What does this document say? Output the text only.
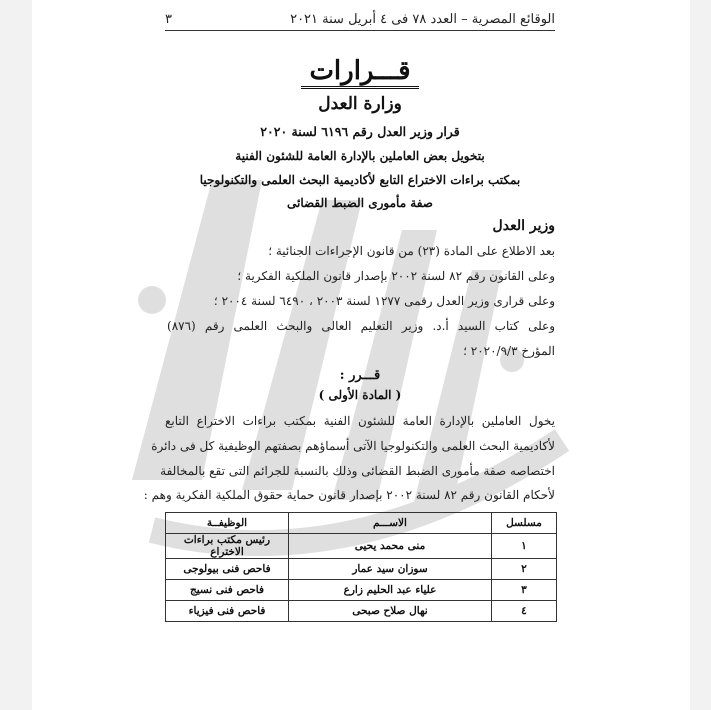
الوقائع المصرية – العدد ٧٨ فى ٤ أبريل سنة ٢٠٢١
٣
قـــرارات
وزارة العدل
قرار وزير العدل رقم ٦١٩٦ لسنة ٢٠٢٠
بتخويل بعض العاملين بالإدارة العامة للشئون الفنية
بمكتب براءات الاختراع التابع لأكاديمية البحث العلمى والتكنولوجيا
صفة مأمورى الضبط القضائى
وزير العدل
بعد الاطلاع على المادة (٢٣) من قانون الإجراءات الجنائية ؛
وعلى القانون رقم ٨٢ لسنة ٢٠٠٢ بإصدار قانون الملكية الفكرية ؛
وعلى قرارى وزير العدل رقمى ١٢٧٧ لسنة ٢٠٠٣ ، ٦٤٩٠ لسنة ٢٠٠٤ ؛
وعلى كتاب السيد أ.د. وزير التعليم العالى والبحث العلمى رقم (٨٧٦)
المؤرخ ٢٠٢٠/٩/٣ ؛
قـــرر :
( المادة الأولى )
يخول العاملين بالإدارة العامة للشئون الفنية بمكتب براءات الاختراع التابع
لأكاديمية البحث العلمى والتكنولوجيا الآتى أسماؤهم بصفتهم الوظيفية كل فى دائرة
اختصاصه صفة مأمورى الضبط القضائى وذلك بالنسبة للجرائم التى تقع بالمخالفة
لأحكام القانون رقم ٨٢ لسنة ٢٠٠٢ بإصدار قانون حماية حقوق الملكية الفكرية وهم :
مسلسل	الاســـم	الوظيفــة
١	منى محمد يحيى	رئيس مكتب براءات الاختراع
٢	سوزان سيد عمار	فاحص فنى بيولوجى
٣	علياء عبد الحليم زارع	فاحص فنى نسيج
٤	نهال صلاح صبحى	فاحص فنى فيزياء
